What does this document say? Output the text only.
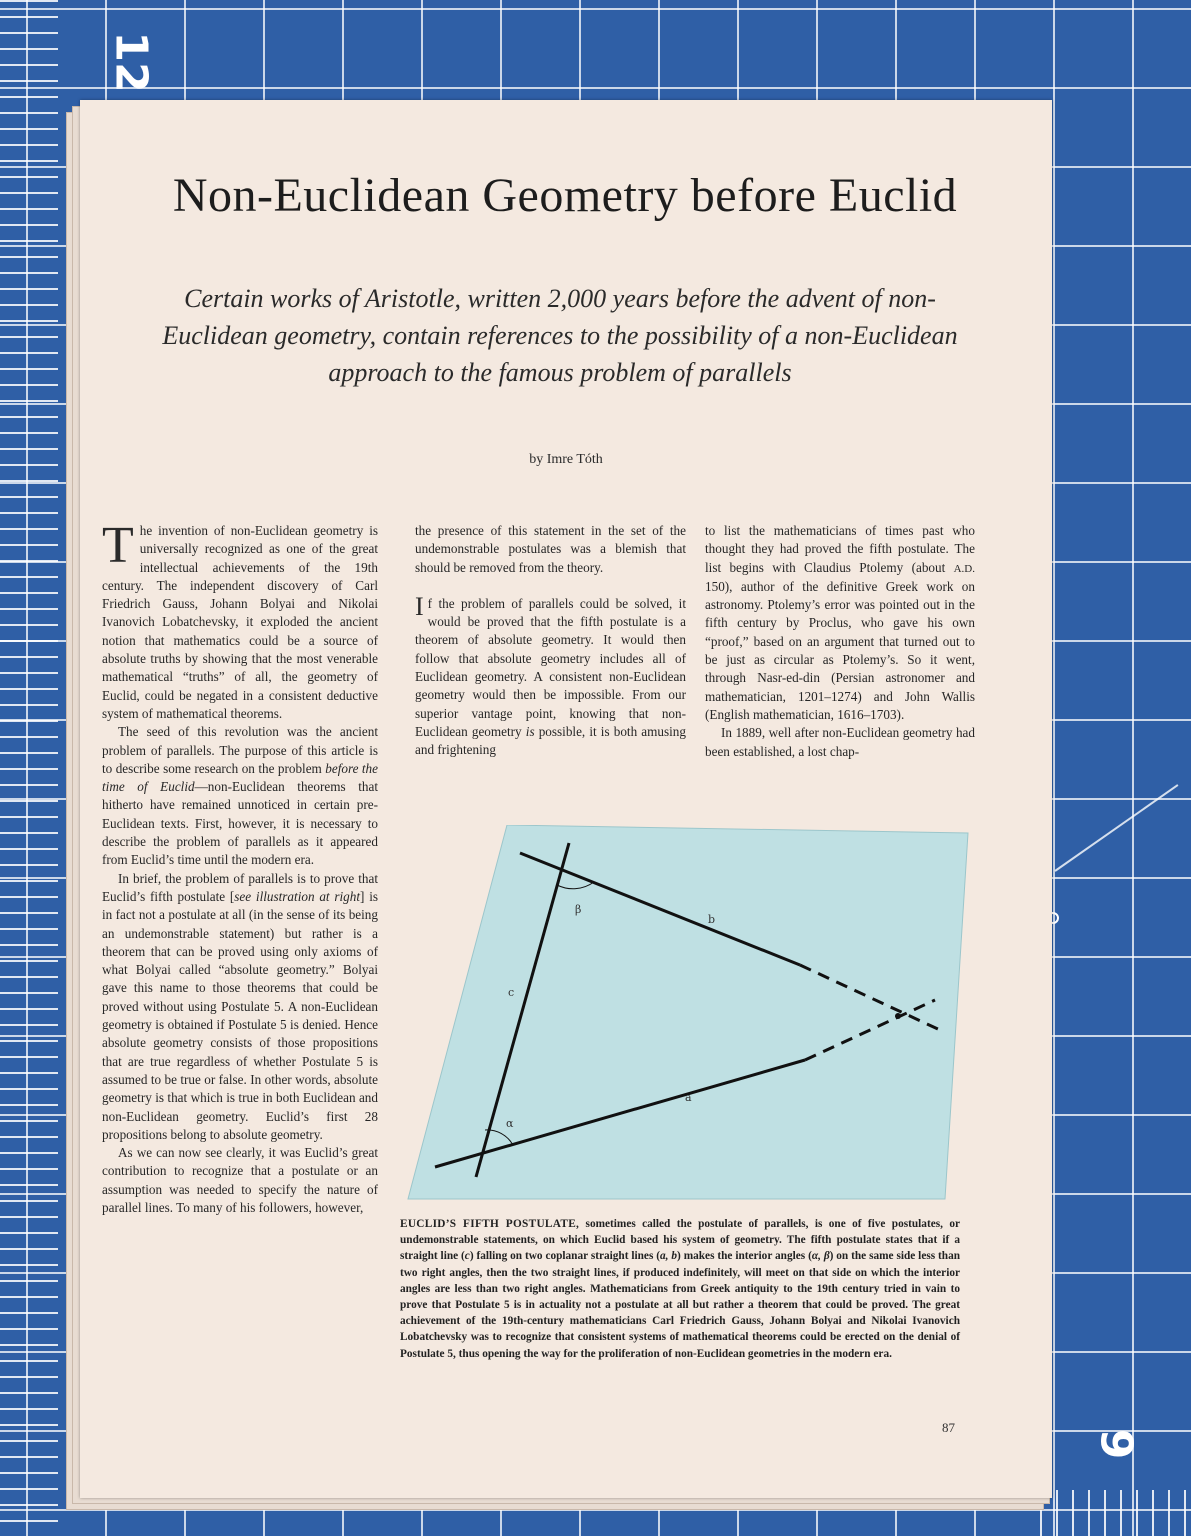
12
9
Non-Euclidean Geometry before Euclid
Certain works of Aristotle, written 2,000 years before the advent of non-Euclidean geometry, contain references to the possibility of a non-Euclidean approach to the famous problem of parallels
by Imre Tóth

The invention of non-Euclidean geometry is universally recognized as one of the great intellectual achievements of the 19th century. The independent discovery of Carl Friedrich Gauss, Johann Bolyai and Nikolai Ivanovich Lobatchevsky, it exploded the ancient notion that mathematics could be a source of absolute truths by showing that the most venerable mathematical “truths” of all, the geometry of Euclid, could be negated in a consistent deductive system of mathematical theorems.

The seed of this revolution was the ancient problem of parallels. The purpose of this article is to describe some research on the problem before the time of Euclid—non-Euclidean theorems that hitherto have remained unnoticed in certain pre-Euclidean texts. First, however, it is necessary to describe the problem of parallels as it appeared from Euclid’s time until the modern era.

In brief, the problem of parallels is to prove that Euclid’s fifth postulate [see illustration at right] is in fact not a postulate at all (in the sense of its being an undemonstrable statement) but rather is a theorem that can be proved using only axioms of what Bolyai called “absolute geometry.” Bolyai gave this name to those theorems that could be proved without using Postulate 5. A non-Euclidean geometry is obtained if Postulate 5 is denied. Hence absolute geometry consists of those propositions that are true regardless of whether Postulate 5 is assumed to be true or false. In other words, absolute geometry is that which is true in both Euclidean and non-Euclidean geometry. Euclid’s first 28 propositions belong to absolute geometry.

As we can now see clearly, it was Euclid’s great contribution to recognize that a postulate or an assumption was needed to specify the nature of parallel lines. To many of his followers, however,

the presence of this statement in the set of the undemonstrable postulates was a blemish that should be removed from the theory.

If the problem of parallels could be solved, it would be proved that the fifth postulate is a theorem of absolute geometry. It would then follow that absolute geometry includes all of Euclidean geometry. A consistent non-Euclidean geometry would then be impossible. From our superior vantage point, knowing that non-Euclidean geometry is possible, it is both amusing and frightening

to list the mathematicians of times past who thought they had proved the fifth postulate. The list begins with Claudius Ptolemy (about A.D. 150), author of the definitive Greek work on astronomy. Ptolemy’s error was pointed out in the fifth century by Proclus, who gave his own “proof,” based on an argument that turned out to be just as circular as Ptolemy’s. So it went, through Nasr-ed-din (Persian astronomer and mathematician, 1201–1274) and John Wallis (English mathematician, 1616–1703).

In 1889, well after non-Euclidean geometry had been established, a lost chap-

β
b
c
a
α
EUCLID’S FIFTH POSTULATE, sometimes called the postulate of parallels, is one of five postulates, or undemonstrable statements, on which Euclid based his system of geometry. The fifth postulate states that if a straight line (c) falling on two coplanar straight lines (a, b) makes the interior angles (α, β) on the same side less than two right angles, then the two straight lines, if produced indefinitely, will meet on that side on which the interior angles are less than two right angles. Mathematicians from Greek antiquity to the 19th century tried in vain to prove that Postulate 5 is in actuality not a postulate at all but rather a theorem that could be proved. The great achievement of the 19th-century mathematicians Carl Friedrich Gauss, Johann Bolyai and Nikolai Ivanovich Lobatchevsky was to recognize that consistent systems of mathematical theorems could be erected on the denial of Postulate 5, thus opening the way for the proliferation of non-Euclidean geometries in the modern era.
87
